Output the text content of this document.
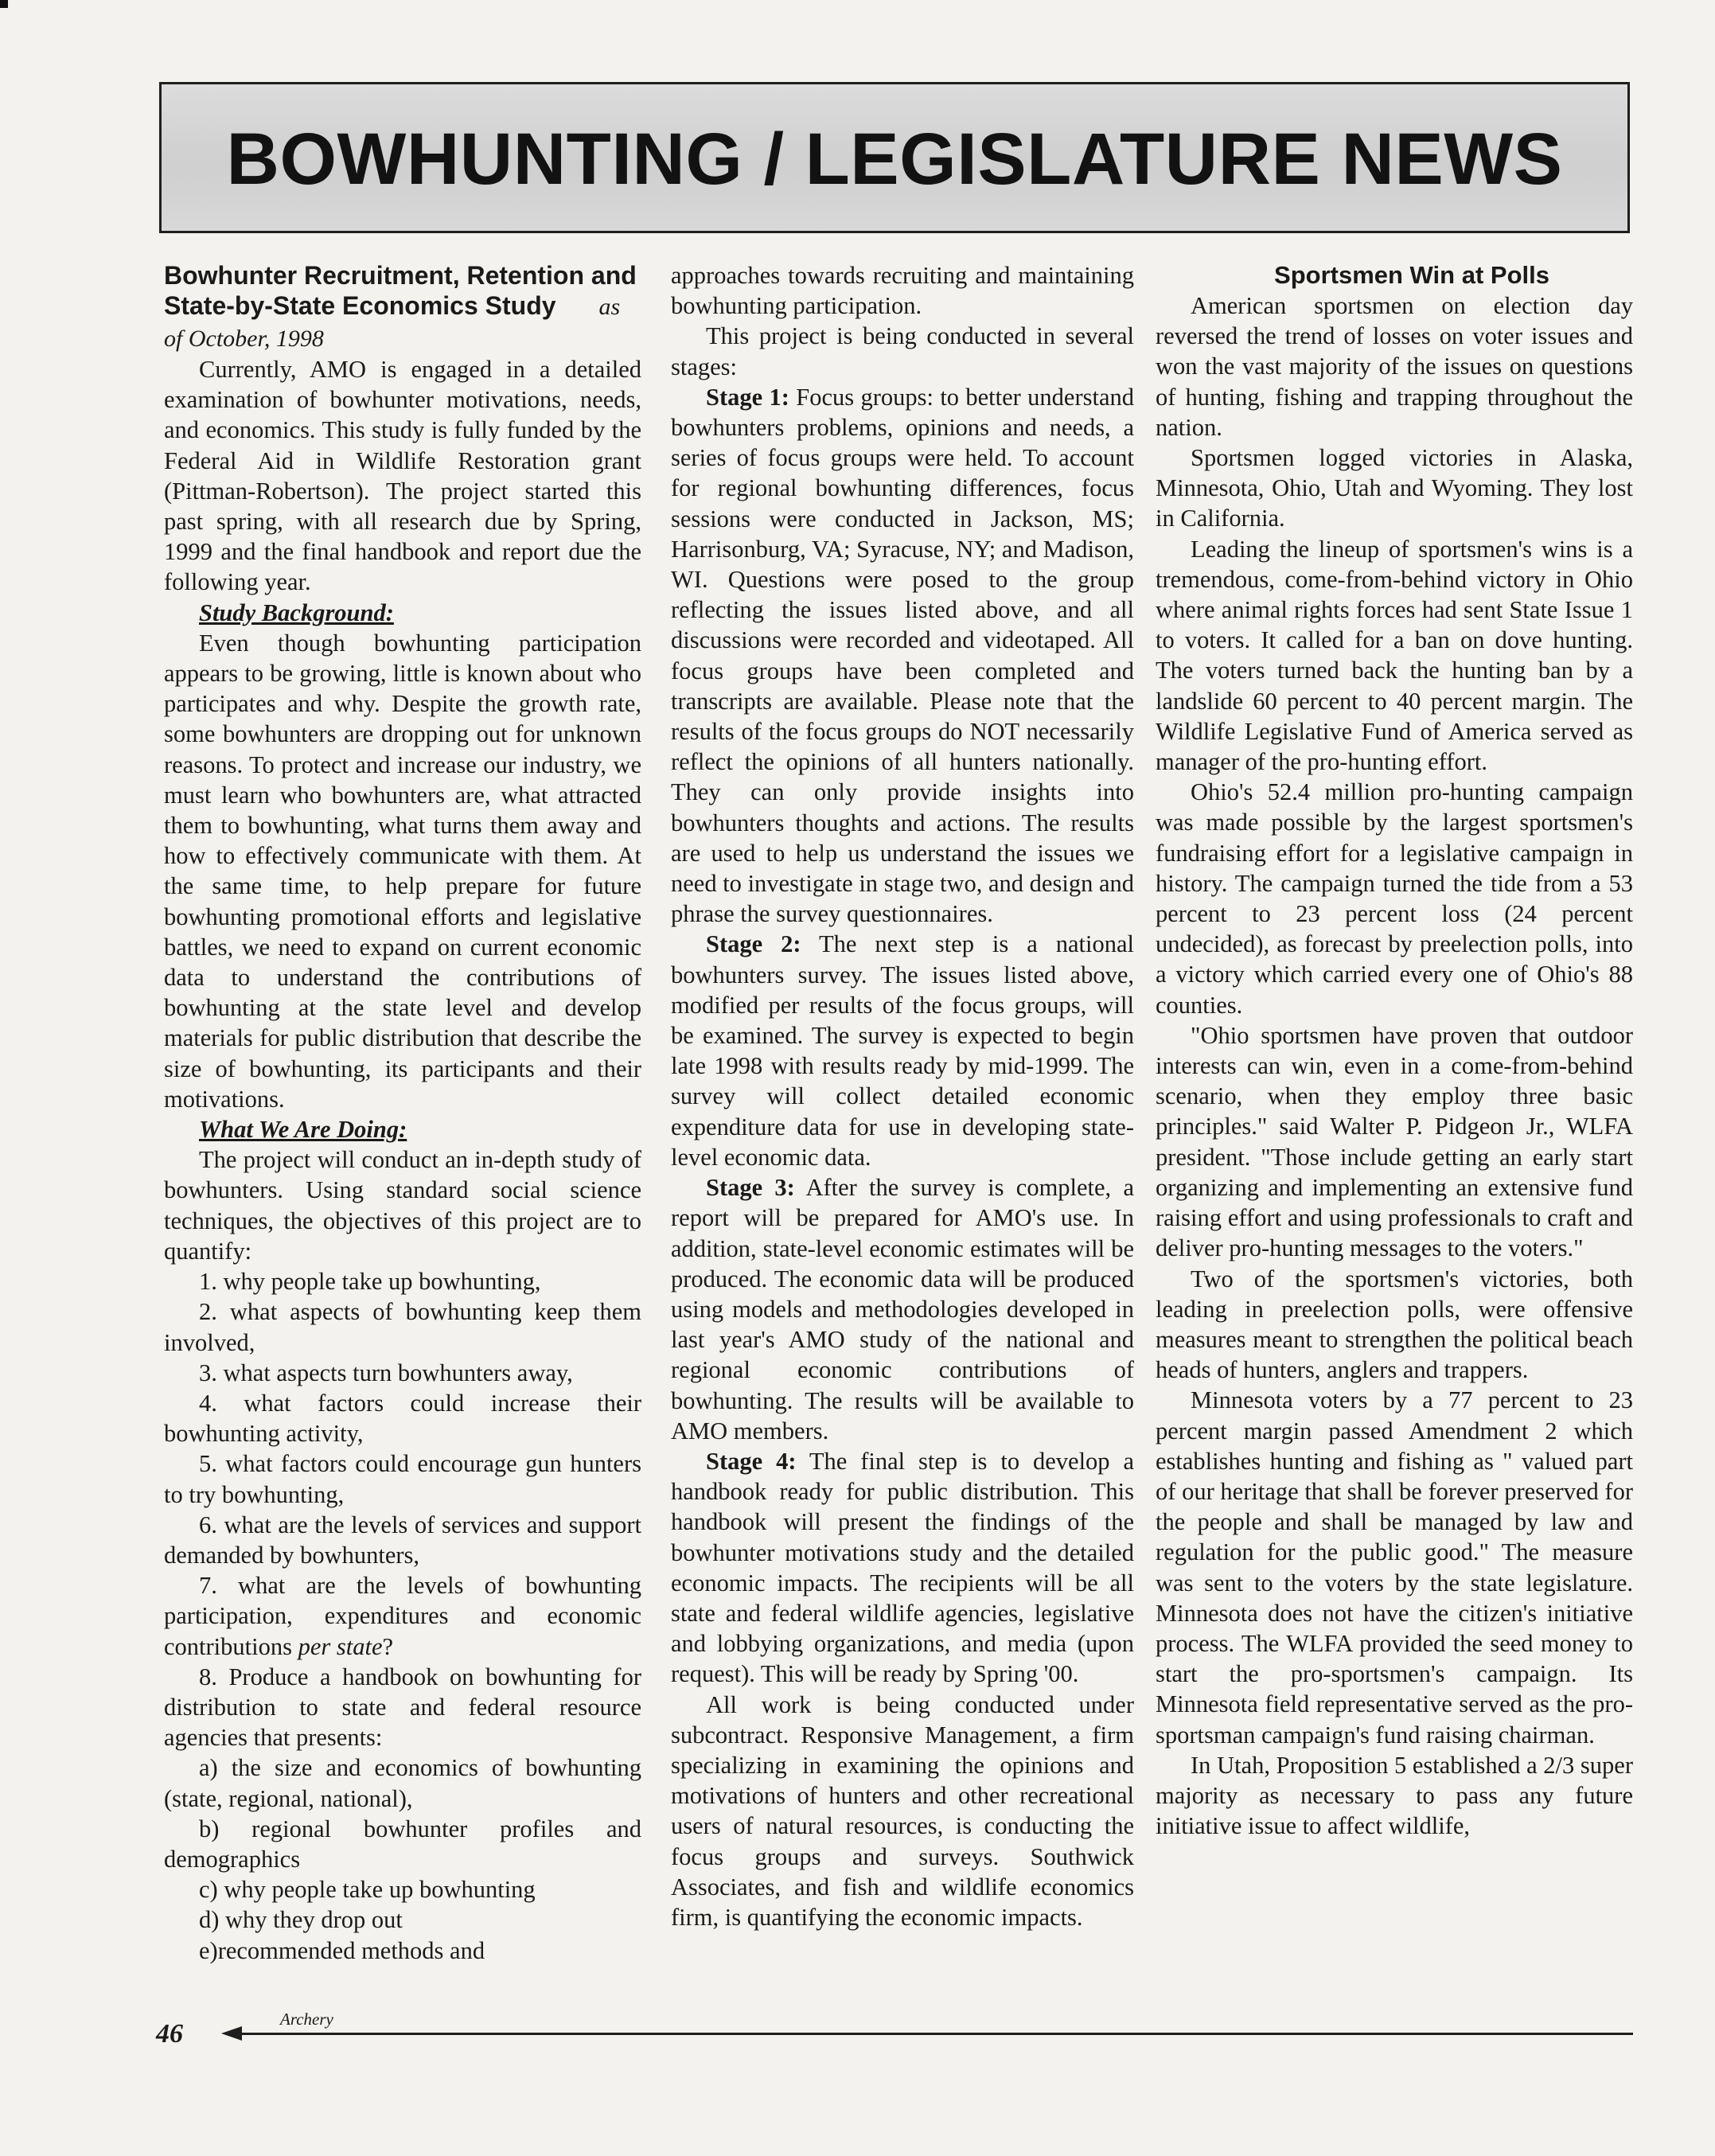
BOWHUNTING / LEGISLATURE NEWS

Bowhunter Recruitment, Retention and State-by-State Economics Study as of October, 1998

Currently, AMO is engaged in a detailed examination of bowhunter motivations, needs, and economics. This study is fully funded by the Federal Aid in Wildlife Restoration grant (Pittman-Robertson). The project started this past spring, with all research due by Spring, 1999 and the final handbook and report due the following year.

Study Background:

Even though bowhunting participation appears to be growing, little is known about who participates and why. Despite the growth rate, some bowhunters are dropping out for unknown reasons. To protect and increase our industry, we must learn who bowhunters are, what attracted them to bowhunting, what turns them away and how to effectively communicate with them. At the same time, to help prepare for future bowhunting promotional efforts and legislative battles, we need to expand on current economic data to understand the contributions of bowhunting at the state level and develop materials for public distribution that describe the size of bowhunting, its participants and their motivations.

What We Are Doing:

The project will conduct an in-depth study of bowhunters. Using standard social science techniques, the objectives of this project are to quantify:

1. why people take up bowhunting,

2. what aspects of bowhunting keep them involved,

3. what aspects turn bowhunters away,

4. what factors could increase their bowhunting activity,

5. what factors could encourage gun hunters to try bowhunting,

6. what are the levels of services and support demanded by bowhunters,

7. what are the levels of bowhunting participation, expenditures and economic contributions per state?

8. Produce a handbook on bowhunting for distribution to state and federal resource agencies that presents:

a) the size and economics of bowhunting (state, regional, national),

b) regional bowhunter profiles and demographics

c) why people take up bowhunting

d) why they drop out

e)recommended methods and

approaches towards recruiting and maintaining bowhunting participation.

This project is being conducted in several stages:

Stage 1: Focus groups: to better understand bowhunters problems, opinions and needs, a series of focus groups were held. To account for regional bowhunting differences, focus sessions were conducted in Jackson, MS; Harrisonburg, VA; Syracuse, NY; and Madison, WI. Questions were posed to the group reflecting the issues listed above, and all discussions were recorded and videotaped. All focus groups have been completed and transcripts are available. Please note that the results of the focus groups do NOT necessarily reflect the opinions of all hunters nationally. They can only provide insights into bowhunters thoughts and actions. The results are used to help us understand the issues we need to investigate in stage two, and design and phrase the survey questionnaires.

Stage 2: The next step is a national bowhunters survey. The issues listed above, modified per results of the focus groups, will be examined. The survey is expected to begin late 1998 with results ready by mid-1999. The survey will collect detailed economic expenditure data for use in developing state-level economic data.

Stage 3: After the survey is complete, a report will be prepared for AMO's use. In addition, state-level economic estimates will be produced. The economic data will be produced using models and methodologies developed in last year's AMO study of the national and regional economic contributions of bowhunting. The results will be available to AMO members.

Stage 4: The final step is to develop a handbook ready for public distribution. This handbook will present the findings of the bowhunter motivations study and the detailed economic impacts. The recipients will be all state and federal wildlife agencies, legislative and lobbying organizations, and media (upon request). This will be ready by Spring '00.

All work is being conducted under subcontract. Responsive Management, a firm specializing in examining the opinions and motivations of hunters and other recreational users of natural resources, is conducting the focus groups and surveys. Southwick Associates, and fish and wildlife economics firm, is quantifying the economic impacts.

Sportsmen Win at Polls

American sportsmen on election day reversed the trend of losses on voter issues and won the vast majority of the issues on questions of hunting, fishing and trapping throughout the nation.

Sportsmen logged victories in Alaska, Minnesota, Ohio, Utah and Wyoming. They lost in California.

Leading the lineup of sportsmen's wins is a tremendous, come-from-behind victory in Ohio where animal rights forces had sent State Issue 1 to voters. It called for a ban on dove hunting. The voters turned back the hunting ban by a landslide 60 percent to 40 percent margin. The Wildlife Legislative Fund of America served as manager of the pro-hunting effort.

Ohio's 52.4 million pro-hunting campaign was made possible by the largest sportsmen's fundraising effort for a legislative campaign in history. The campaign turned the tide from a 53 percent to 23 percent loss (24 percent undecided), as forecast by preelection polls, into a victory which carried every one of Ohio's 88 counties.

"Ohio sportsmen have proven that outdoor interests can win, even in a come-from-behind scenario, when they employ three basic principles." said Walter P. Pidgeon Jr., WLFA president. "Those include getting an early start organizing and implementing an extensive fund raising effort and using professionals to craft and deliver pro-hunting messages to the voters."

Two of the sportsmen's victories, both leading in preelection polls, were offensive measures meant to strengthen the political beach heads of hunters, anglers and trappers.

Minnesota voters by a 77 percent to 23 percent margin passed Amendment 2 which establishes hunting and fishing as " valued part of our heritage that shall be forever preserved for the people and shall be managed by law and regulation for the public good." The measure was sent to the voters by the state legislature. Minnesota does not have the citizen's initiative process. The WLFA provided the seed money to start the pro-sportsmen's campaign. Its Minnesota field representative served as the pro-sportsman campaign's fund raising chairman.

In Utah, Proposition 5 established a 2/3 super majority as necessary to pass any future initiative issue to affect wildlife,

46	Archery
